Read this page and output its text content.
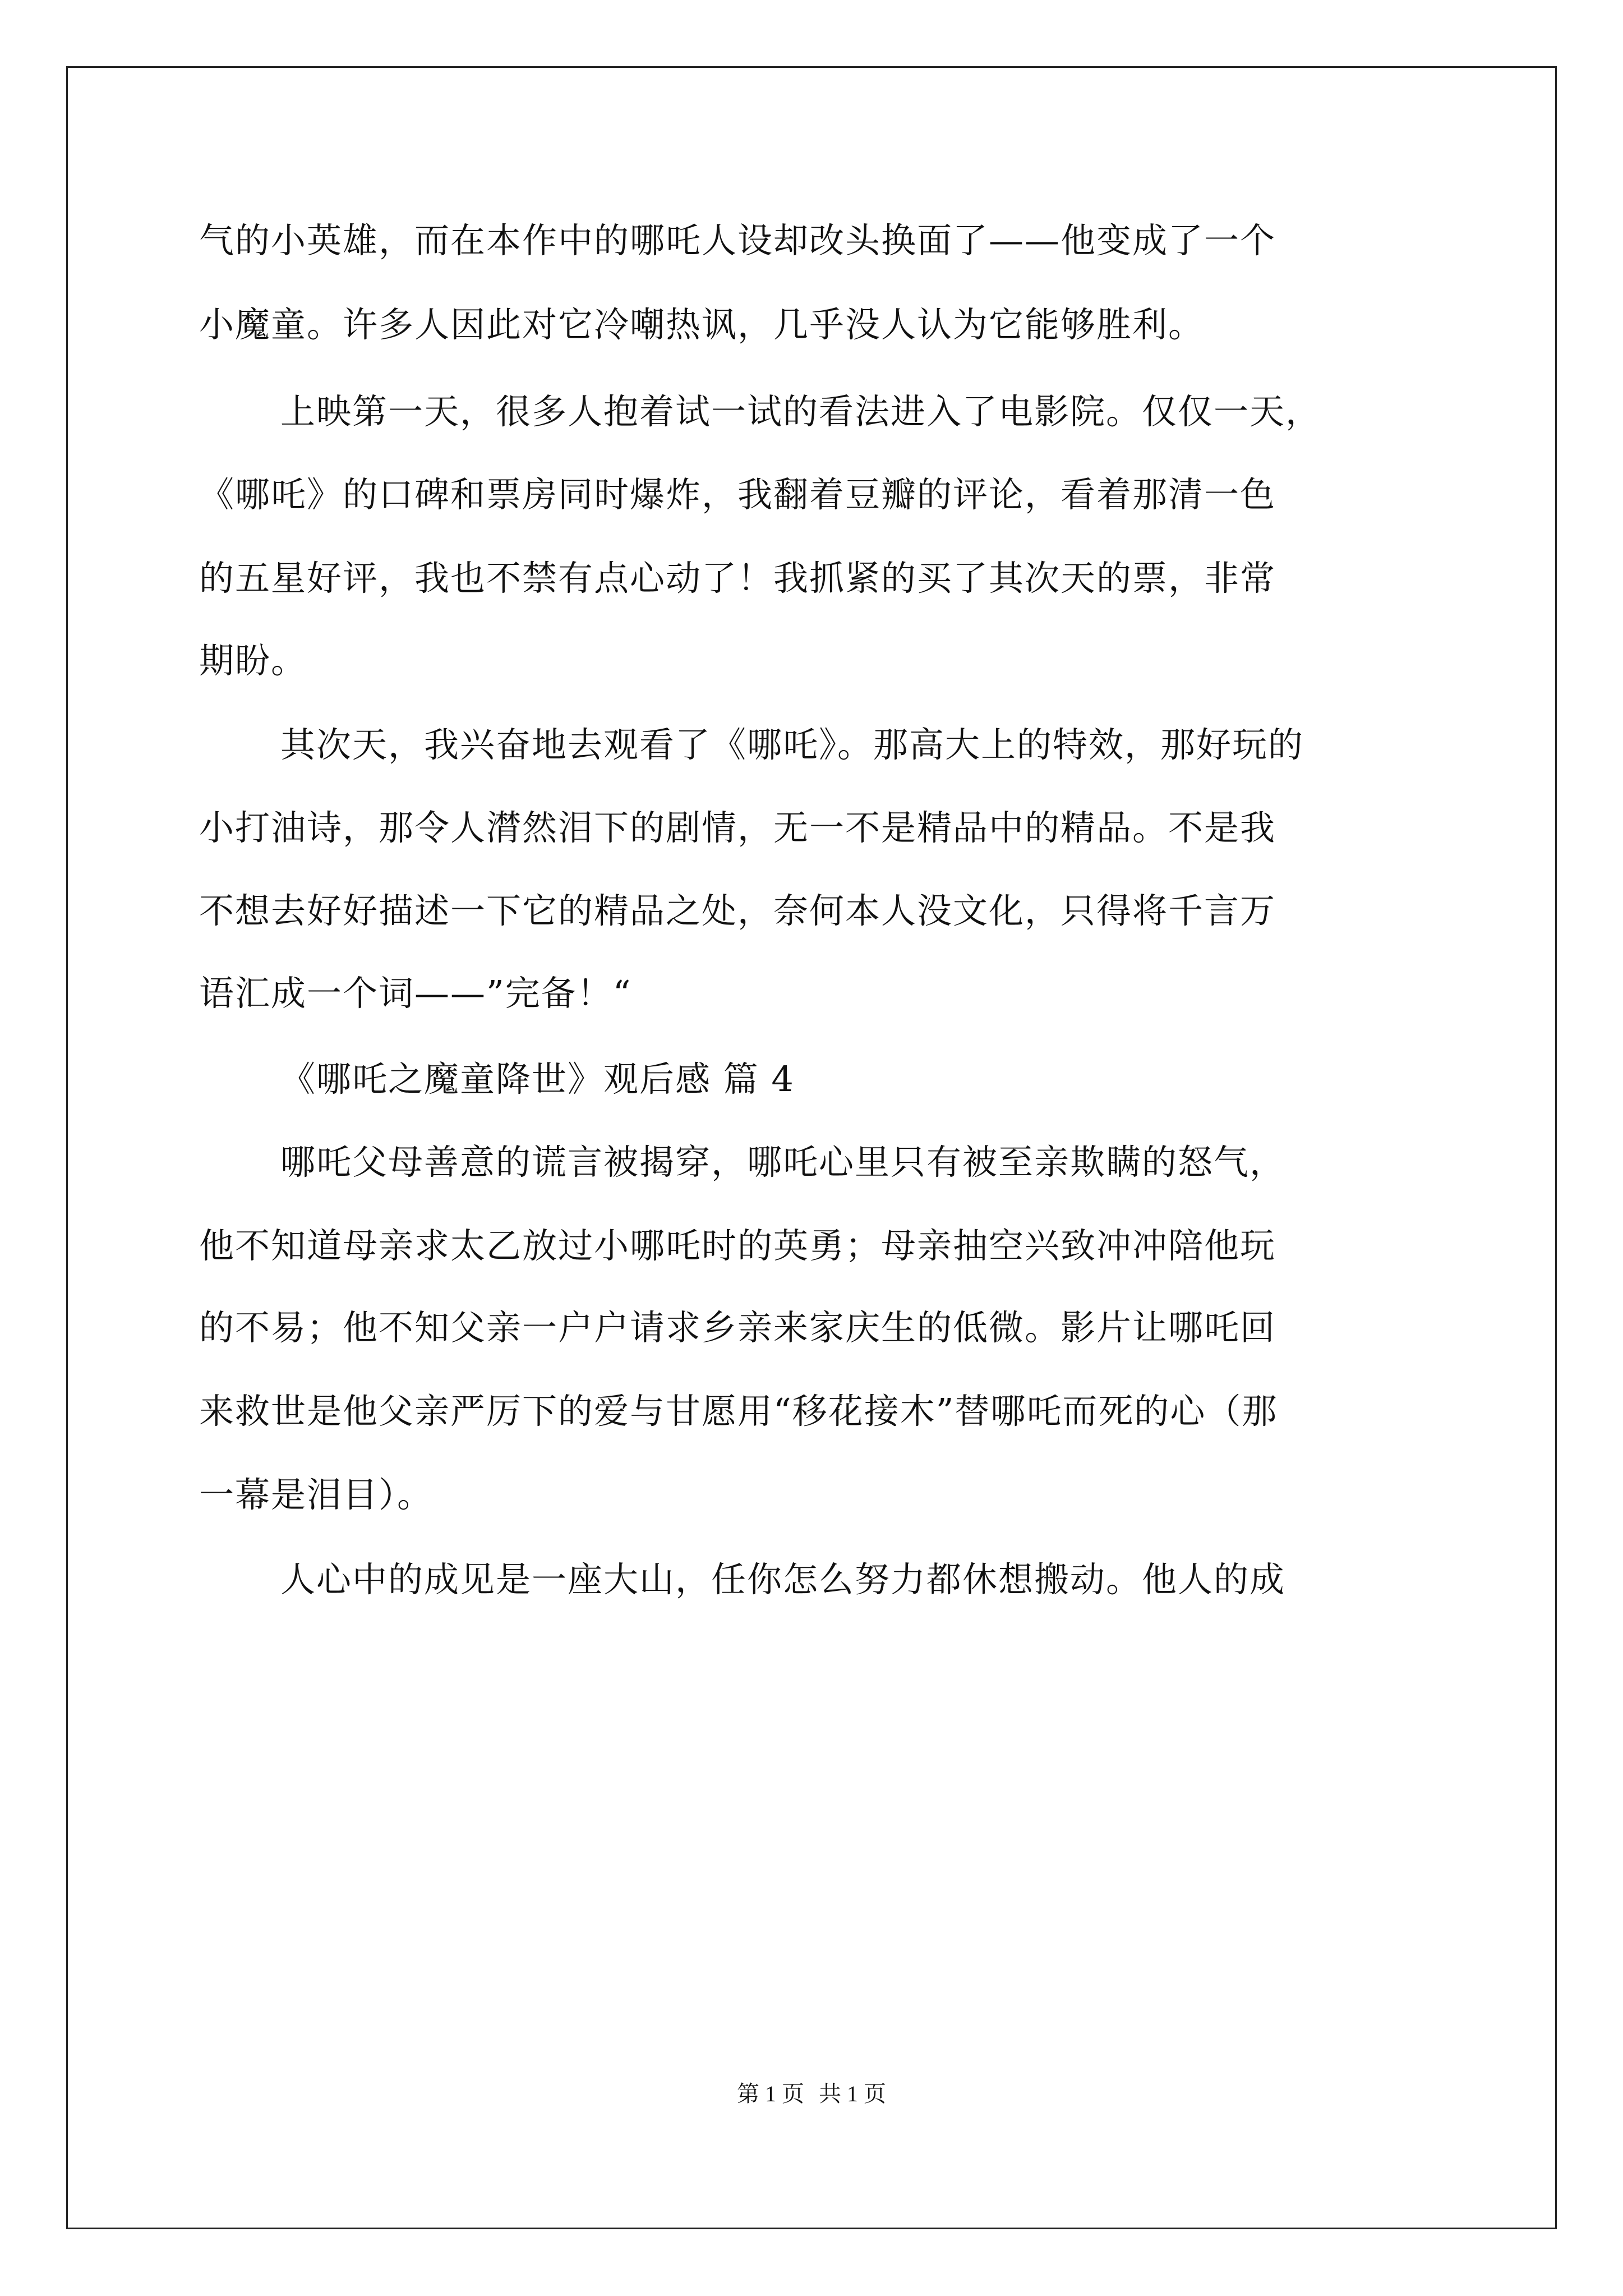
气的小英雄，而在本作中的哪吒人设却改头换面了——他变成了一个
小魔童。许多人因此对它冷嘲热讽，几乎没人认为它能够胜利。
上映第一天，很多人抱着试一试的看法进入了电影院。仅仅一天，
《哪吒》的口碑和票房同时爆炸，我翻着豆瓣的评论，看着那清一色
的五星好评，我也不禁有点心动了！我抓紧的买了其次天的票，非常
期盼。
其次天，我兴奋地去观看了《哪吒》。那高大上的特效，那好玩的
小打油诗，那令人潸然泪下的剧情，无一不是精品中的精品。不是我
不想去好好描述一下它的精品之处，奈何本人没文化，只得将千言万
语汇成一个词——”完备！“
《哪吒之魔童降世》观后感 篇 4
哪吒父母善意的谎言被揭穿，哪吒心里只有被至亲欺瞒的怒气，
他不知道母亲求太乙放过小哪吒时的英勇；母亲抽空兴致冲冲陪他玩
的不易；他不知父亲一户户请求乡亲来家庆生的低微。影片让哪吒回
来救世是他父亲严厉下的爱与甘愿用“移花接木”替哪吒而死的心（那
一幕是泪目）。
人心中的成见是一座大山，任你怎么努力都休想搬动。他人的成
第 1 页 共 1 页
